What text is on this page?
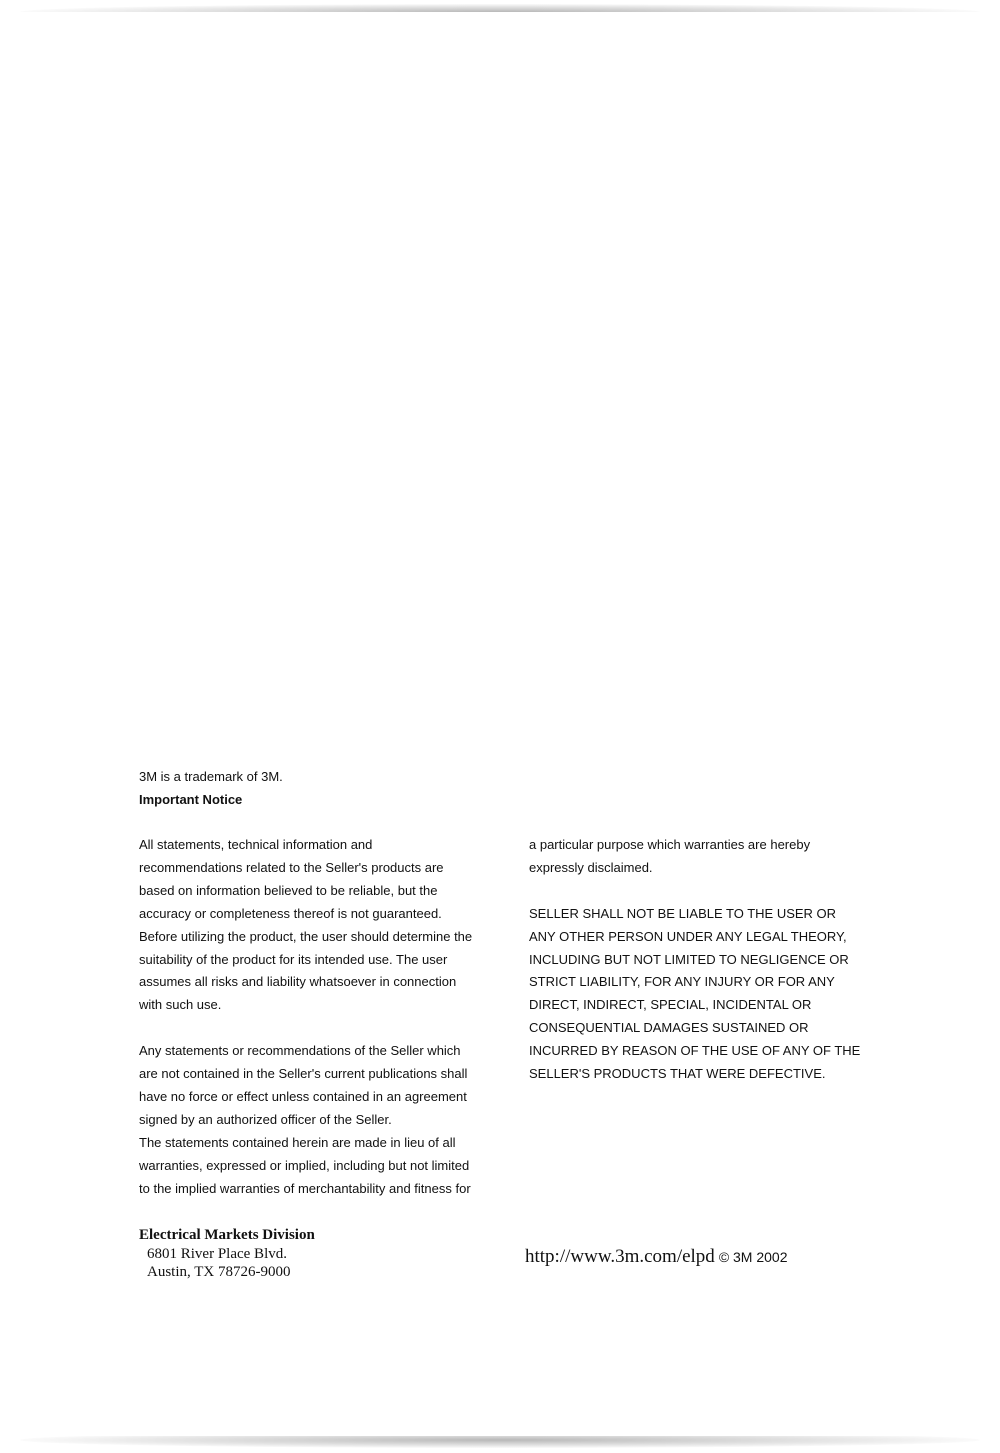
3M is a trademark of 3M.
Important Notice

All statements, technical information and
recommendations related to the Seller's products are
based on information believed to be reliable, but the
accuracy or completeness thereof is not guaranteed.
Before utilizing the product, the user should determine the
suitability of the product for its intended use. The user
assumes all risks and liability whatsoever in connection
with such use.

Any statements or recommendations of the Seller which
are not contained in the Seller's current publications shall
have no force or effect unless contained in an agreement
signed by an authorized officer of the Seller.

The statements contained herein are made in lieu of all
warranties, expressed or implied, including but not limited
to the implied warranties of merchantability and fitness for

a particular purpose which warranties are hereby
expressly disclaimed.

SELLER SHALL NOT BE LIABLE TO THE USER OR
ANY OTHER PERSON UNDER ANY LEGAL THEORY,
INCLUDING BUT NOT LIMITED TO NEGLIGENCE OR
STRICT LIABILITY, FOR ANY INJURY OR FOR ANY
DIRECT, INDIRECT, SPECIAL, INCIDENTAL OR
CONSEQUENTIAL DAMAGES SUSTAINED OR
INCURRED BY REASON OF THE USE OF ANY OF THE
SELLER'S PRODUCTS THAT WERE DEFECTIVE.

Electrical Markets Division
6801 River Place Blvd.
Austin, TX 78726-9000
http://www.3m.com/elpd © 3M 2002
